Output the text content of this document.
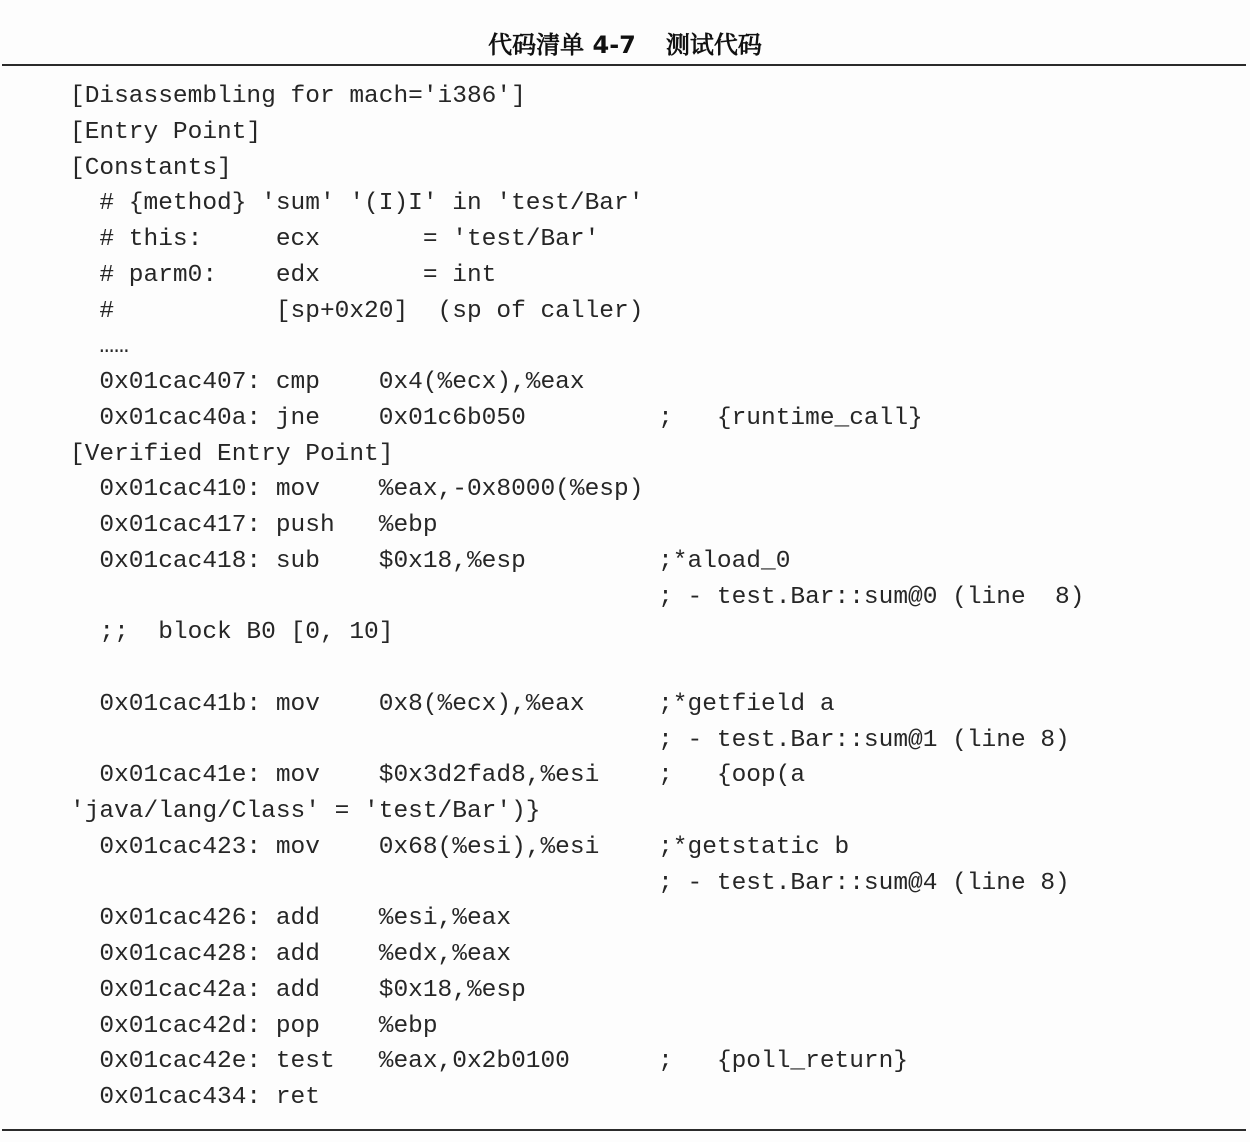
代码清单 4-7 测试代码
[Disassembling for mach='i386']
[Entry Point]
[Constants]
# {method} 'sum' '(I)I' in 'test/Bar'
# this:     ecx       = 'test/Bar'
# parm0:    edx       = int
#           [sp+0x20]  (sp of caller)
……
0x01cac407: cmp    0x4(%ecx),%eax
0x01cac40a: jne    0x01c6b050         ;   {runtime_call}
[Verified Entry Point]
0x01cac410: mov    %eax,-0x8000(%esp)
0x01cac417: push   %ebp
0x01cac418: sub    $0x18,%esp         ;*aload_0
; - test.Bar::sum@0 (line  8)
;;  block B0 [0, 10]
0x01cac41b: mov    0x8(%ecx),%eax     ;*getfield a
; - test.Bar::sum@1 (line 8)
0x01cac41e: mov    $0x3d2fad8,%esi    ;   {oop(a
'java/lang/Class' = 'test/Bar')}
0x01cac423: mov    0x68(%esi),%esi    ;*getstatic b
; - test.Bar::sum@4 (line 8)
0x01cac426: add    %esi,%eax
0x01cac428: add    %edx,%eax
0x01cac42a: add    $0x18,%esp
0x01cac42d: pop    %ebp
0x01cac42e: test   %eax,0x2b0100      ;   {poll_return}
0x01cac434: ret
